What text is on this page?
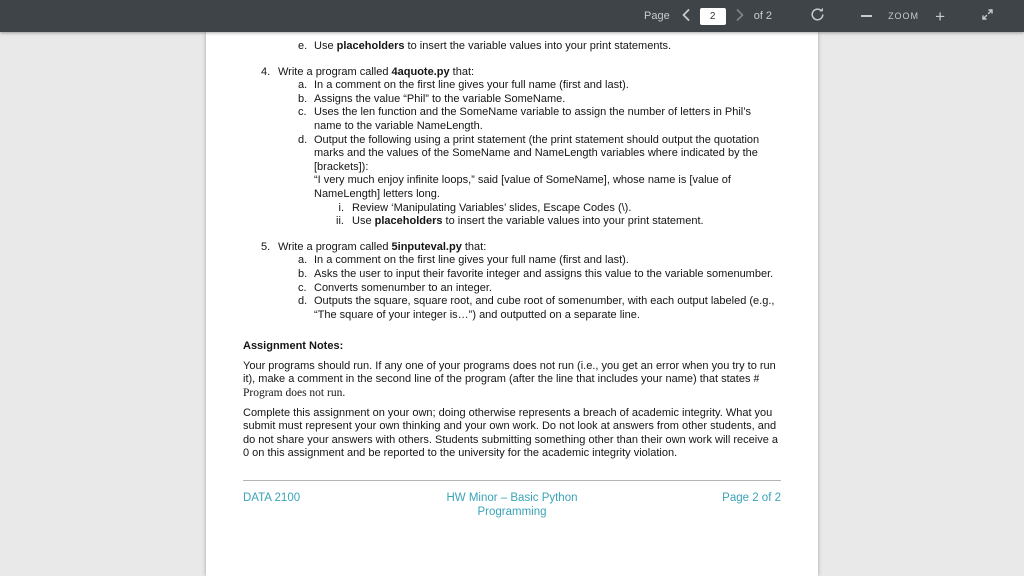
Page
2	of 2	ZOOM +
e. Use placeholders to insert the variable values into your print statements.
4. Write a program called 4aquote.py that:
a. In a comment on the first line gives your full name (first and last).
b. Assigns the value “Phil” to the variable SomeName.
c. Uses the len function and the SomeName variable to assign the number of letters in Phil’s name to the variable NameLength.
d. Output the following using a print statement (the print statement should output the quotation marks and the values of the SomeName and NameLength variables where indicated by the [brackets]):
“I very much enjoy infinite loops,” said [value of SomeName], whose name is [value of NameLength] letters long.
i. Review ‘Manipulating Variables’ slides, Escape Codes (\).
ii. Use placeholders to insert the variable values into your print statement.
5. Write a program called 5inputeval.py that:
a. In a comment on the first line gives your full name (first and last).
b. Asks the user to input their favorite integer and assigns this value to the variable somenumber.
c. Converts somenumber to an integer.
d. Outputs the square, square root, and cube root of somenumber, with each output labeled (e.g., “The square of your integer is…”) and outputted on a separate line.
Assignment Notes:

Your programs should run. If any one of your programs does not run (i.e., you get an error when you try to run it), make a comment in the second line of the program (after the line that includes your name) that states # Program does not run.

Complete this assignment on your own; doing otherwise represents a breach of academic integrity. What you submit must represent your own thinking and your own work. Do not look at answers from other students, and do not share your answers with others. Students submitting something other than their own work will receive a 0 on this assignment and be reported to the university for the academic integrity violation.

DATA 2100	HW Minor – Basic Python Programming
Page 2 of 2
